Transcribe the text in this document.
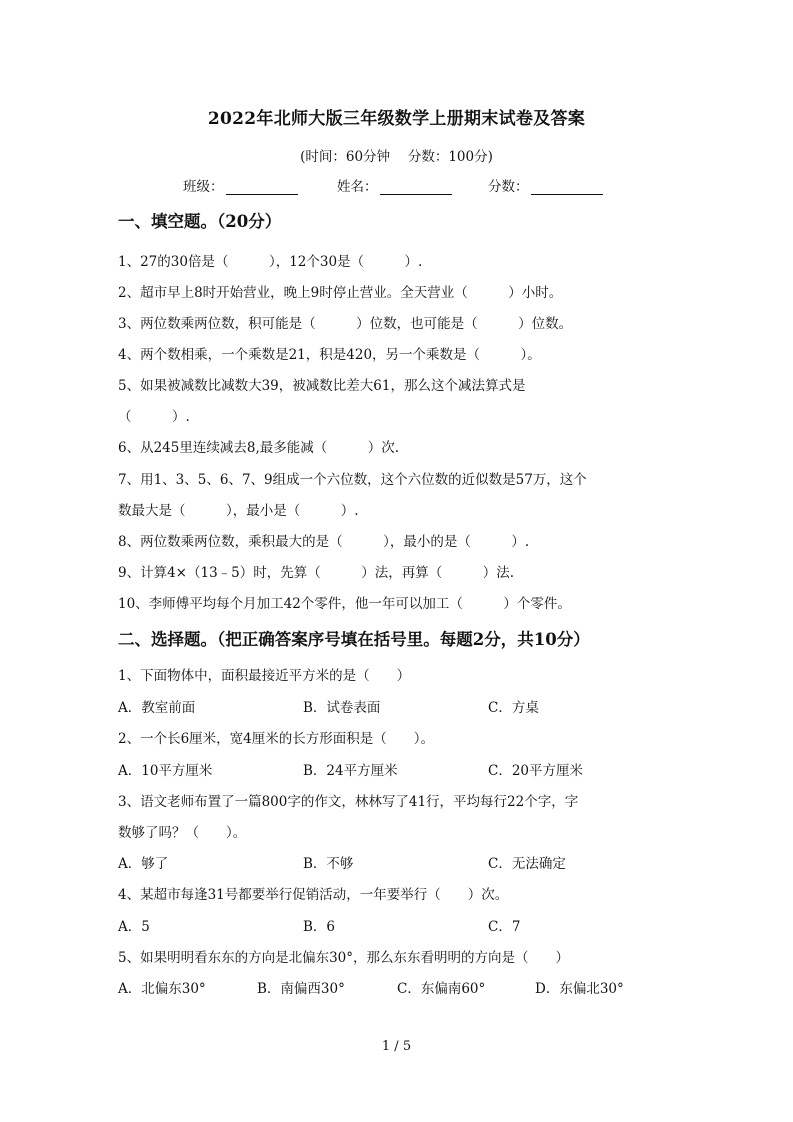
2022年北师大版三年级数学上册期末试卷及答案
(时间：60分钟　 分数：100分)
班级：	姓名：	分数：
一、填空题。（20分）
1、27的30倍是（　　　），12个30是（　　　）.
2、超市早上8时开始营业，晚上9时停止营业。全天营业（　　　）小时。
3、两位数乘两位数，积可能是（　　　）位数，也可能是（　　　）位数。
4、两个数相乘，一个乘数是21，积是420，另一个乘数是（　　　）。
5、如果被减数比减数大39，被减数比差大61，那么这个减法算式是
（　　　）.
6、从245里连续减去8,最多能减（　　　）次.
7、用1、3、5、6、7、9组成一个六位数，这个六位数的近似数是57万，这个
数最大是（　　　），最小是（　　　）.
8、两位数乘两位数，乘积最大的是（　　　），最小的是（　　　）.
9、计算4×（13﹣5）时，先算（　　　）法，再算（　　　）法.
10、李师傅平均每个月加工42个零件，他一年可以加工（　　　）个零件。
二、选择题。（把正确答案序号填在括号里。每题2分，共10分）
1、下面物体中，面积最接近平方米的是（　　）
A．教室前面	B．试卷表面	C．方桌
2、一个长6厘米，宽4厘米的长方形面积是（　　）。
A．10平方厘米	B．24平方厘米	C．20平方厘米
3、语文老师布置了一篇800字的作文，林林写了41行，平均每行22个字，字
数够了吗？（　　）。
A．够了	B．不够	C．无法确定
4、某超市每逢31号都要举行促销活动，一年要举行（　　）次。
A．5	B．6	C．7
5、如果明明看东东的方向是北偏东30°，那么东东看明明的方向是（　　）
A．北偏东30°	B．南偏西30°	C．东偏南60°	D．东偏北30°
1 / 5
